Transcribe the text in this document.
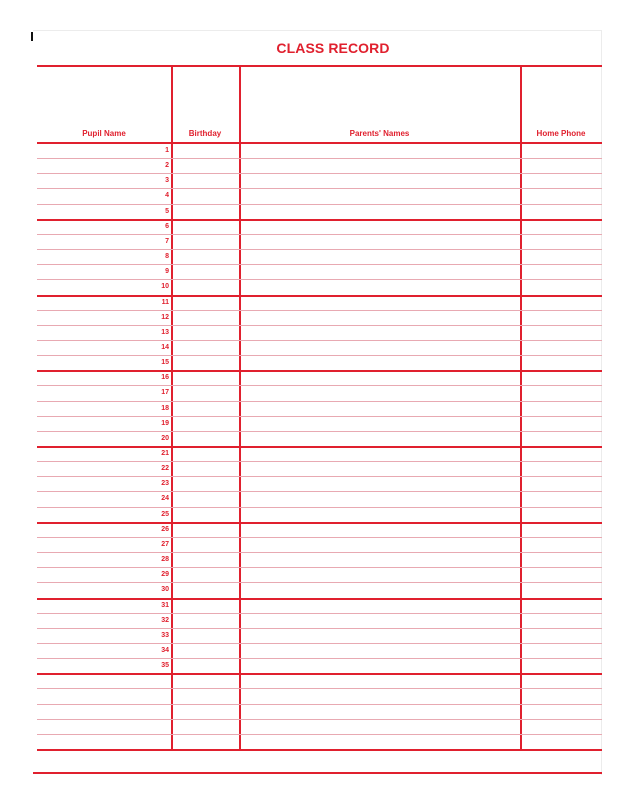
CLASS RECORD
Pupil Name	Birthday	Parents' Names	Home Phone
1
2
3
4
5
6
7
8
9
10
11
12
13
14
15
16
17
18
19
20
21
22
23
24
25
26
27
28
29
30
31
32
33
34
35
